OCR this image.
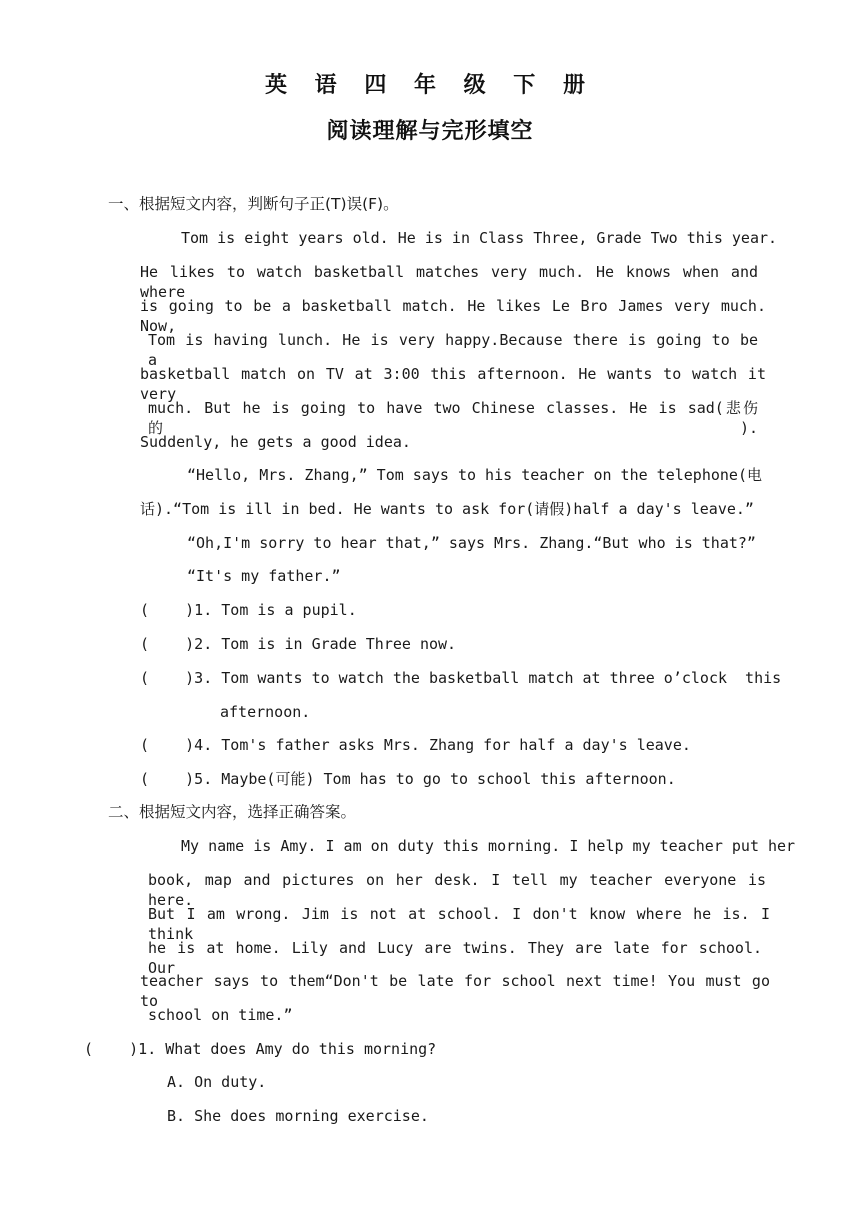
英 语 四 年 级 下 册
阅读理解与完形填空
一、根据短文内容，判断句子正(T)误(F)。
Tom is eight years old. He is in Class Three, Grade Two this year.
He likes to watch basketball matches very much. He knows when and where
is going to be a basketball match. He likes Le Bro James very much. Now,
Tom is having lunch. He is very happy.Because there is going to be a
basketball match on TV at 3:00 this afternoon. He wants to watch it very
much. But he is going to have two Chinese classes. He is sad(悲伤的).
Suddenly, he gets a good idea.
“Hello, Mrs. Zhang,” Tom says to his teacher on the telephone(电
话).“Tom is ill in bed. He wants to ask for(请假)half a day's leave.”
“Oh,I'm sorry to hear that,” says Mrs. Zhang.“But who is that?”
“It's my father.”
(    )1. Tom is a pupil.
(    )2. Tom is in Grade Three now.
(    )3. Tom wants to watch the basketball match at three o’clock  this
afternoon.
(    )4. Tom's father asks Mrs. Zhang for half a day's leave.
(    )5. Maybe(可能) Tom has to go to school this afternoon.
二、根据短文内容，选择正确答案。
My name is Amy. I am on duty this morning. I help my teacher put her
book, map and pictures on her desk. I tell my teacher everyone is here.
But I am wrong. Jim is not at school. I don't know where he is. I think
he is at home. Lily and Lucy are twins. They are late for school. Our
teacher says to them“Don't be late for school next time! You must go to
school on time.”
(    )1. What does Amy do this morning?
A. On duty.
B. She does morning exercise.
